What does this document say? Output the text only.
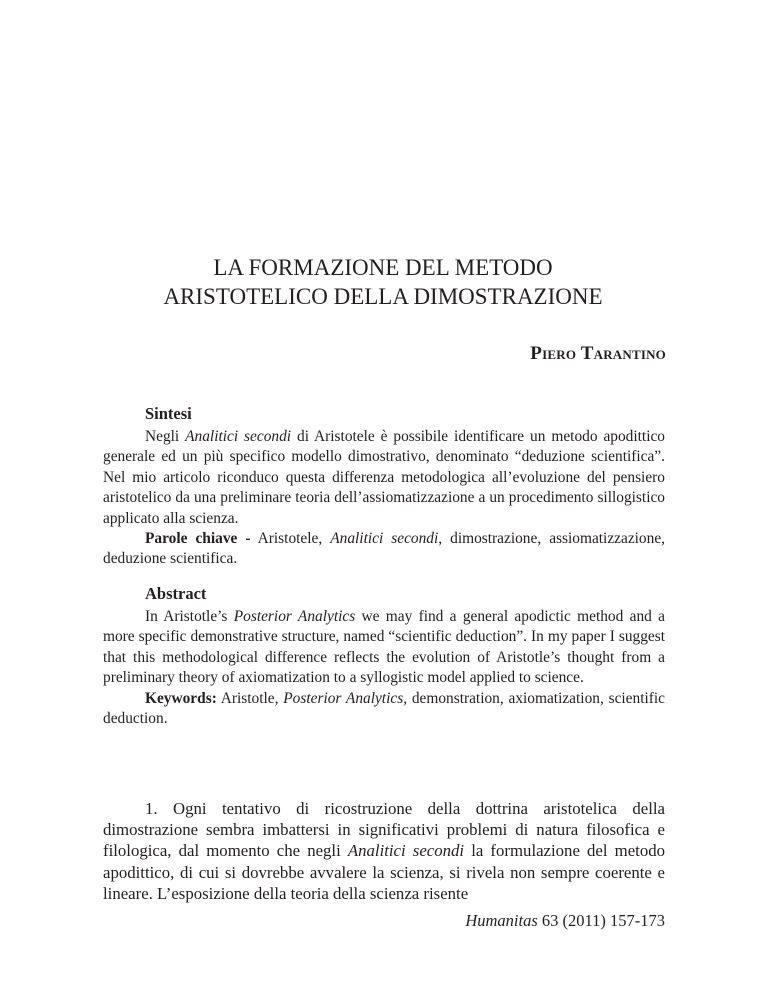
LA FORMAZIONE DEL METODO
ARISTOTELICO DELLA DIMOSTRAZIONE
Piero Tarantino
Sintesi

Negli Analitici secondi di Aristotele è possibile identificare un metodo apodittico generale ed un più specifico modello dimostrativo, denominato “deduzione scientifica”. Nel mio articolo riconduco questa differenza metodologica all’evoluzione del pensiero aristotelico da una preliminare teoria dell’assiomatizzazione a un procedimento sillogistico applicato alla scienza.

Parole chiave - Aristotele, Analitici secondi, dimostrazione, assiomatizzazione, deduzione scientifica.

Abstract

In Aristotle’s Posterior Analytics we may find a general apodictic method and a more specific demonstrative structure, named “scientific deduction”. In my paper I suggest that this methodological difference reflects the evolution of Aristotle’s thought from a preliminary theory of axiomatization to a syllogistic model applied to science.

Keywords: Aristotle, Posterior Analytics, demonstration, axiomatization, scientific deduction.

1. Ogni tentativo di ricostruzione della dottrina aristotelica della dimostrazione sembra imbattersi in significativi problemi di natura filosofica e filologica, dal momento che negli Analitici secondi la formulazione del metodo apodittico, di cui si dovrebbe avvalere la scienza, si rivela non sempre coerente e lineare. L’esposizione della teoria della scienza risente

Humanitas 63 (2011) 157-173
